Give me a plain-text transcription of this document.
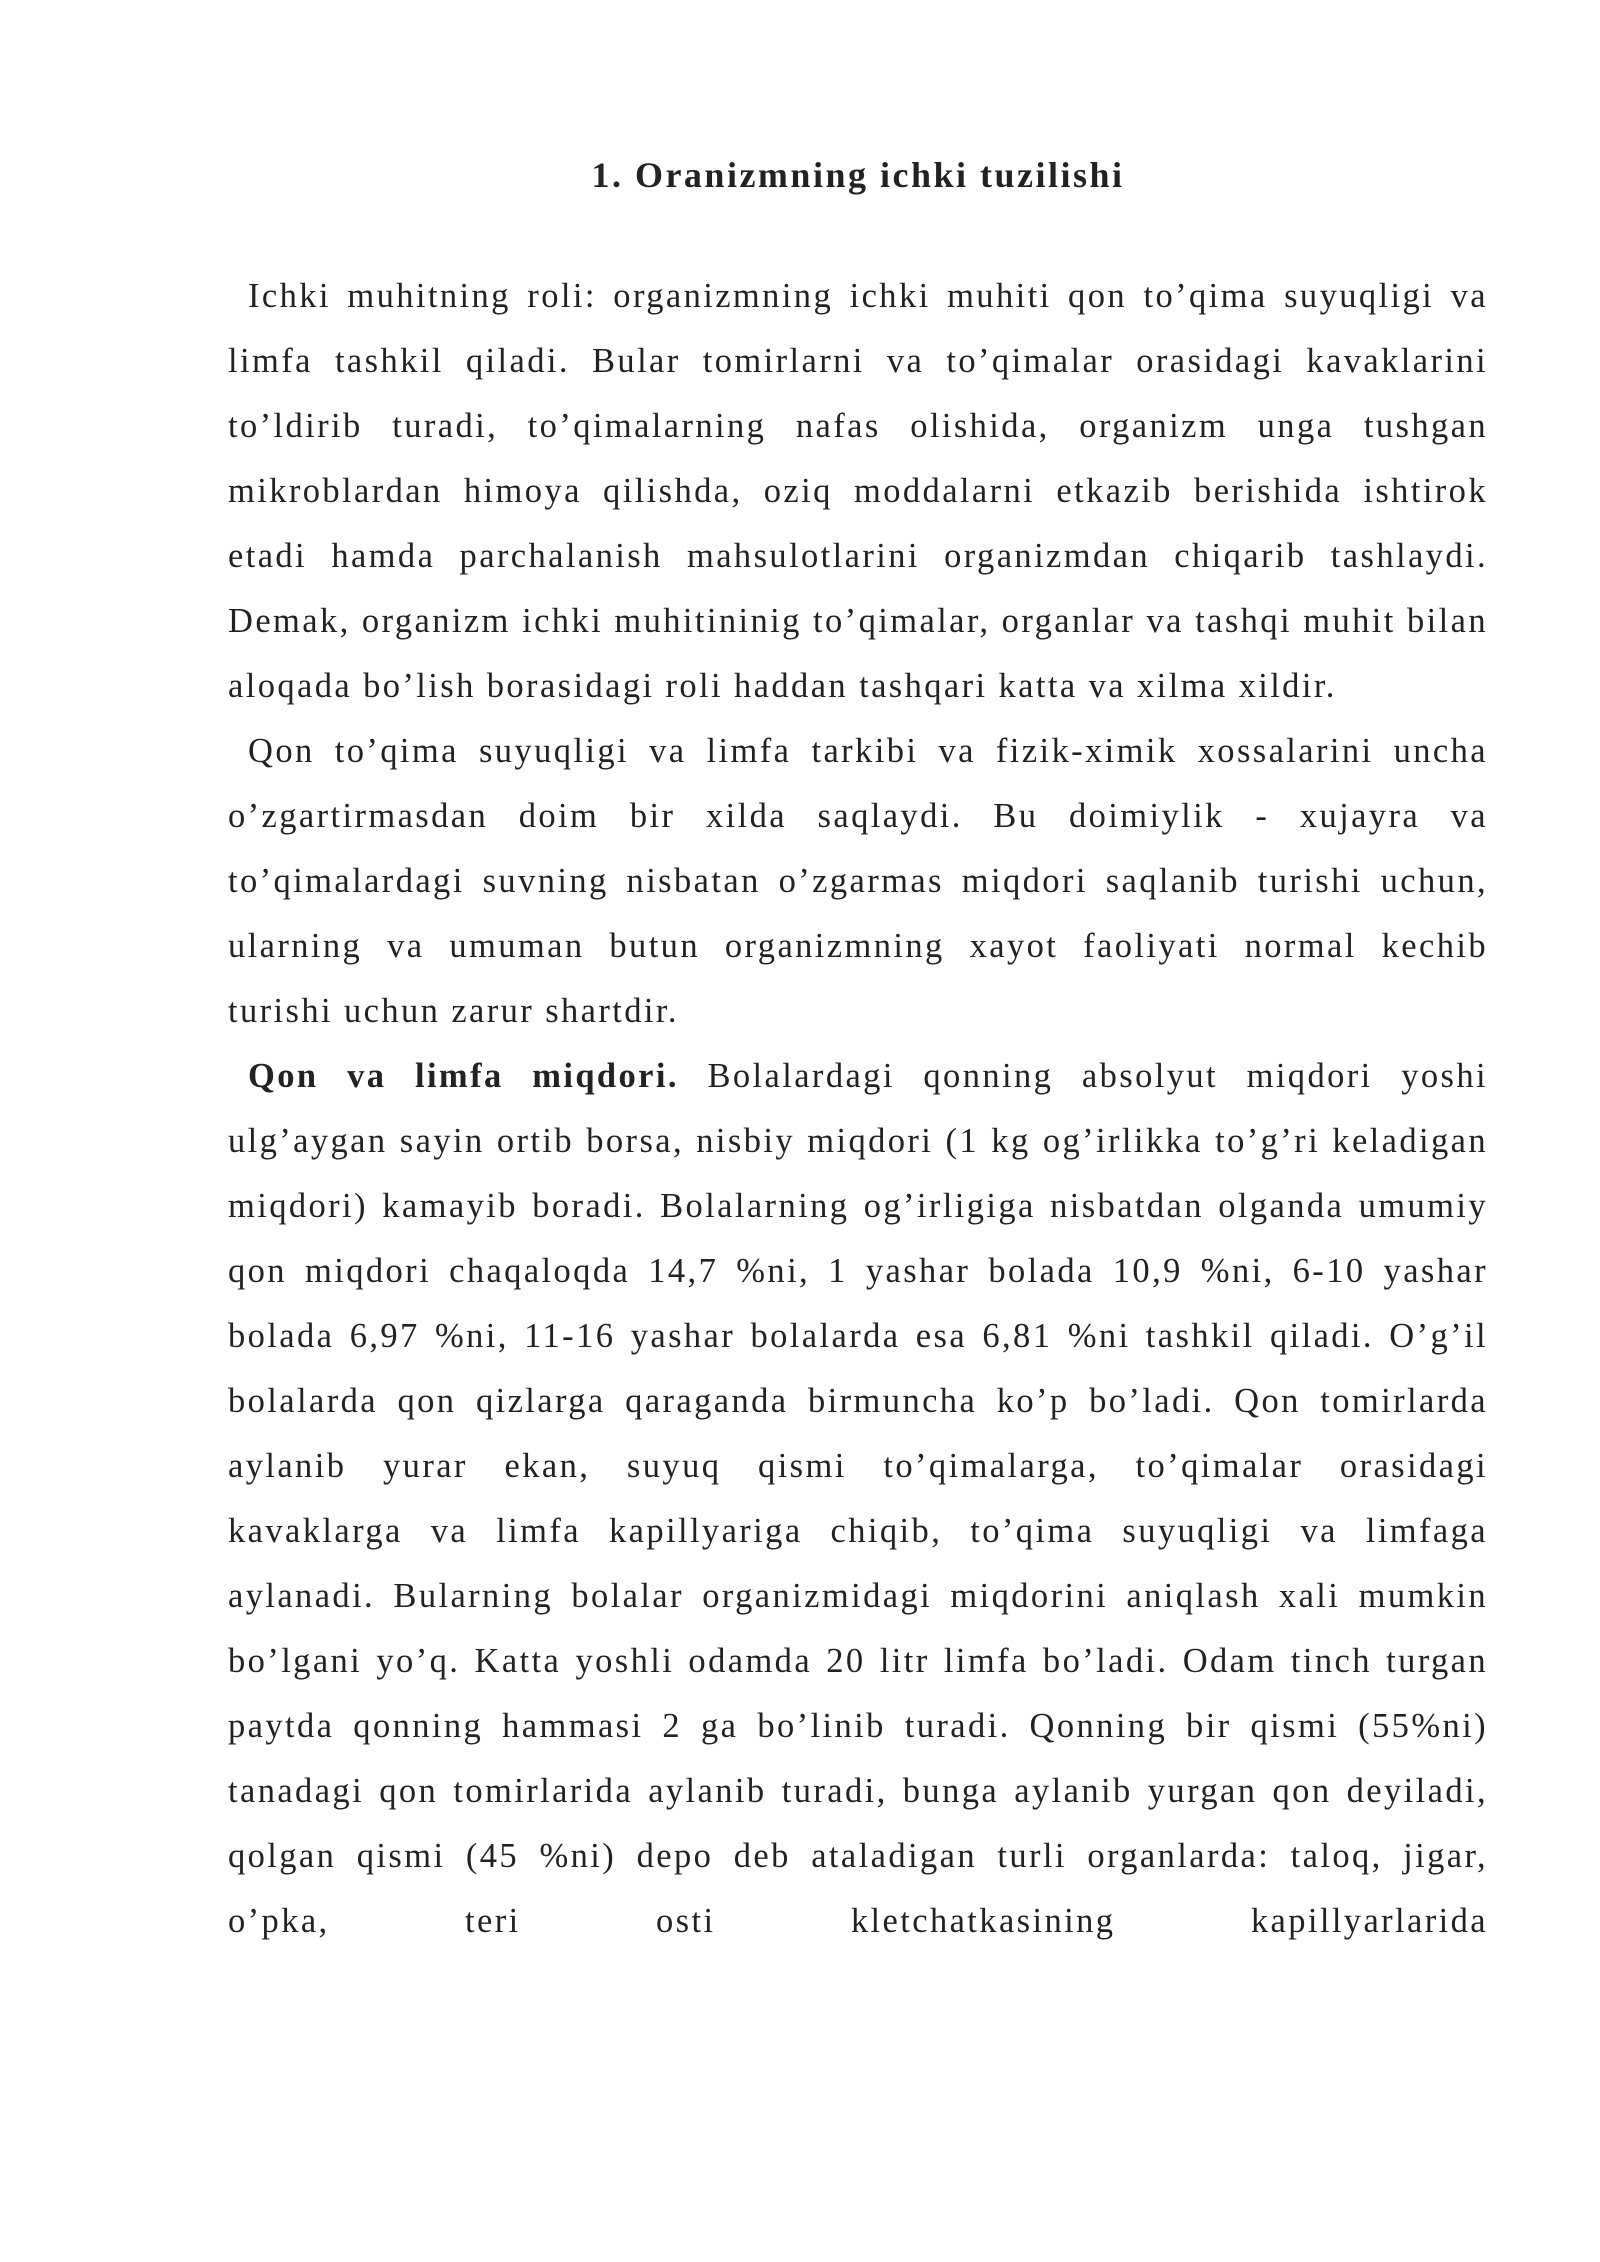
1. Oranizmning ichki tuzilishi

Ichki muhitning roli: organizmning ichki muhiti qon to’qima suyuqligi va limfa tashkil qiladi. Bular tomirlarni va to’qimalar orasidagi kavaklarini to’ldirib turadi, to’qimalarning nafas olishida, organizm unga tushgan mikroblardan himoya qilishda, oziq moddalarni etkazib berishida ishtirok etadi hamda parchalanish mahsulotlarini organizmdan chiqarib tashlaydi. Demak, organizm ichki muhitininig to’qimalar, organlar va tashqi muhit bilan aloqada bo’lish borasidagi roli haddan tashqari katta va xilma xildir.

Qon to’qima suyuqligi va limfa tarkibi va fizik-ximik xossalarini uncha o’zgartirmasdan doim bir xilda saqlaydi. Bu doimiylik - xujayra va to’qimalardagi suvning nisbatan o’zgarmas miqdori saqlanib turishi uchun, ularning va umuman butun organizmning xayot faoliyati normal kechib turishi uchun zarur shartdir.

Qon va limfa miqdori. Bolalardagi qonning absolyut miqdori yoshi ulg’aygan sayin ortib borsa, nisbiy miqdori (1 kg og’irlikka to’g’ri keladigan miqdori) kamayib boradi. Bolalarning og’irligiga nisbatdan olganda umumiy qon miqdori chaqaloqda 14,7 %ni, 1 yashar bolada 10,9 %ni, 6-10 yashar bolada 6,97 %ni, 11-16 yashar bolalarda esa 6,81 %ni tashkil qiladi. O’g’il bolalarda qon qizlarga qaraganda birmuncha ko’p bo’ladi. Qon tomirlarda aylanib yurar ekan, suyuq qismi to’qimalarga, to’qimalar orasidagi kavaklarga va limfa kapillyariga chiqib, to’qima suyuqligi va limfaga aylanadi. Bularning bolalar organizmidagi miqdorini aniqlash xali mumkin bo’lgani yo’q. Katta yoshli odamda 20 litr limfa bo’ladi. Odam tinch turgan paytda qonning hammasi 2 ga bo’linib turadi. Qonning bir qismi (55%ni) tanadagi qon tomirlarida aylanib turadi, bunga aylanib yurgan qon deyiladi, qolgan qismi (45 %ni) depo deb ataladigan turli organlarda: taloq, jigar, o’pka, teri osti kletchatkasining kapillyarlarida
